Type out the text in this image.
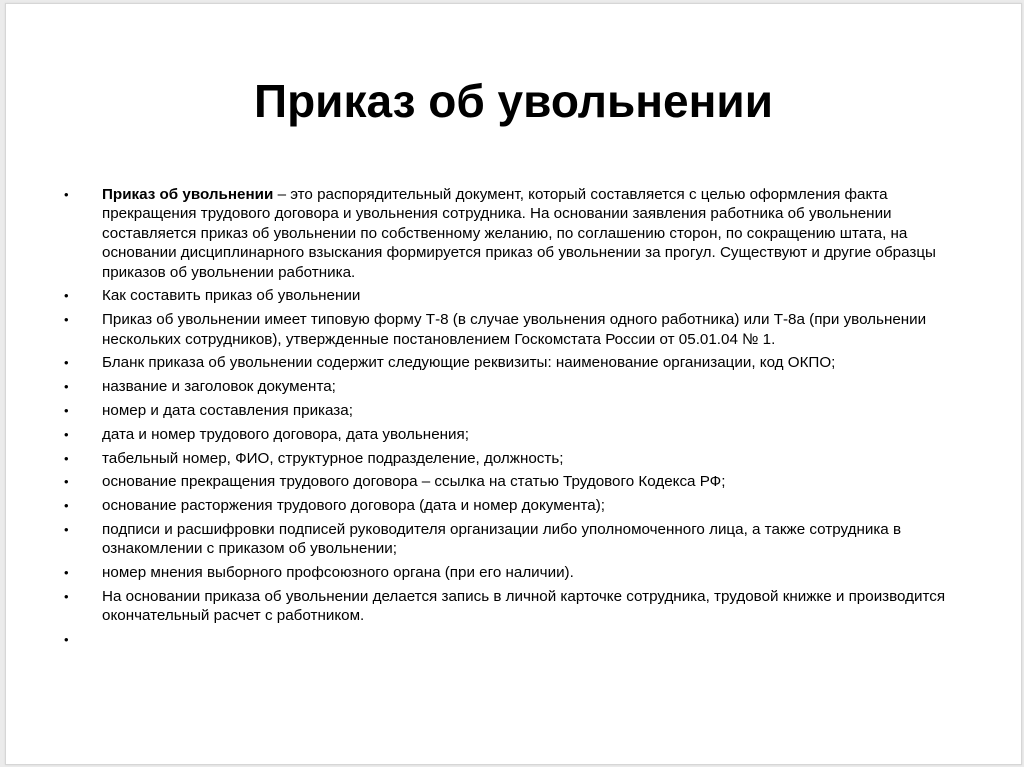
Приказ об увольнении
• Приказ об увольнении – это распорядительный документ, который составляется с целью оформления факта прекращения трудового договора и увольнения сотрудника. На основании заявления работника об увольнении составляется приказ об увольнении по собственному желанию, по соглашению сторон, по сокращению штата, на основании дисциплинарного взыскания формируется приказ об увольнении за прогул. Существуют и другие образцы приказов об увольнении работника.
• Как составить приказ об увольнении
• Приказ об увольнении имеет типовую форму Т-8 (в случае увольнения одного работника) или Т-8а (при увольнении нескольких сотрудников), утвержденные постановлением Госкомстата России от 05.01.04 № 1.
• Бланк приказа об увольнении содержит следующие реквизиты: наименование организации, код ОКПО;
• название и заголовок документа;
• номер и дата составления приказа;
• дата и номер трудового договора, дата увольнения;
• табельный номер, ФИО, структурное подразделение, должность;
• основание прекращения трудового договора – ссылка на статью Трудового Кодекса РФ;
• основание расторжения трудового договора (дата и номер документа);
• подписи и расшифровки подписей руководителя организации либо уполномоченного лица, а также сотрудника в ознакомлении с приказом об увольнении;
• номер мнения выборного профсоюзного органа (при его наличии).
• На основании приказа об увольнении делается запись в личной карточке сотрудника, трудовой книжке и производится окончательный расчет с работником.
•
